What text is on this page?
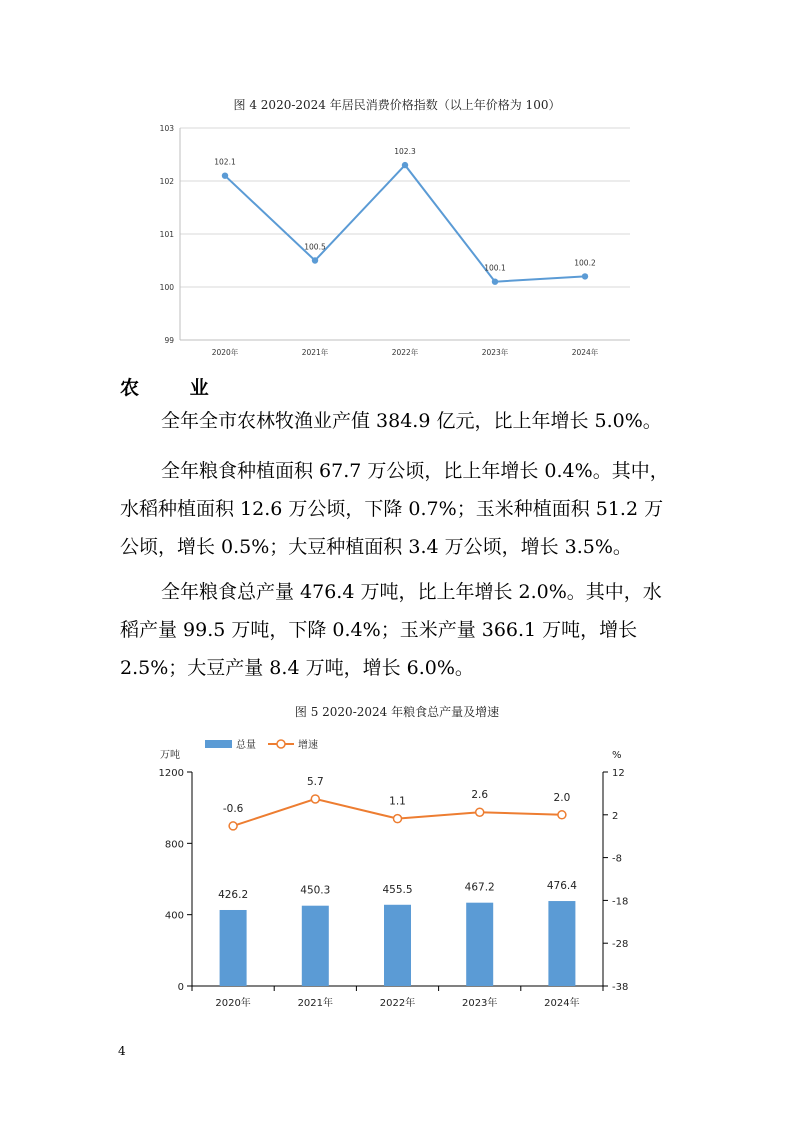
图 4 2020-2024 年居民消费价格指数（以上年价格为 100）
99
100
101
102
103
2020年	2021年	2022年	2023年	2024年
102.1
100.5
102.3
100.1
100.2
农 业
全年全市农林牧渔业产值 384.9 亿元，比上年增长 5.0%。
全年粮食种植面积 67.7 万公顷，比上年增长 0.4%。其中，水稻种植面积 12.6 万公顷，下降 0.7%；玉米种植面积 51.2 万公顷，增长 0.5%；大豆种植面积 3.4 万公顷，增长 3.5%。
全年粮食总产量 476.4 万吨，比上年增长 2.0%。其中，水稻产量 99.5 万吨，下降 0.4%；玉米产量 366.1 万吨，增长 2.5%；大豆产量 8.4 万吨，增长 6.0%。
图 5 2020-2024 年粮食总产量及增速
0
400
800
1200
-38
-28
-18
-8
2
12
2020年	2021年	2022年	2023年	2024年
万吨	%
426.2	450.3	455.5	467.2	476.4
-0.6
5.7
1.1
2.6	2.0
总量	增速
4
